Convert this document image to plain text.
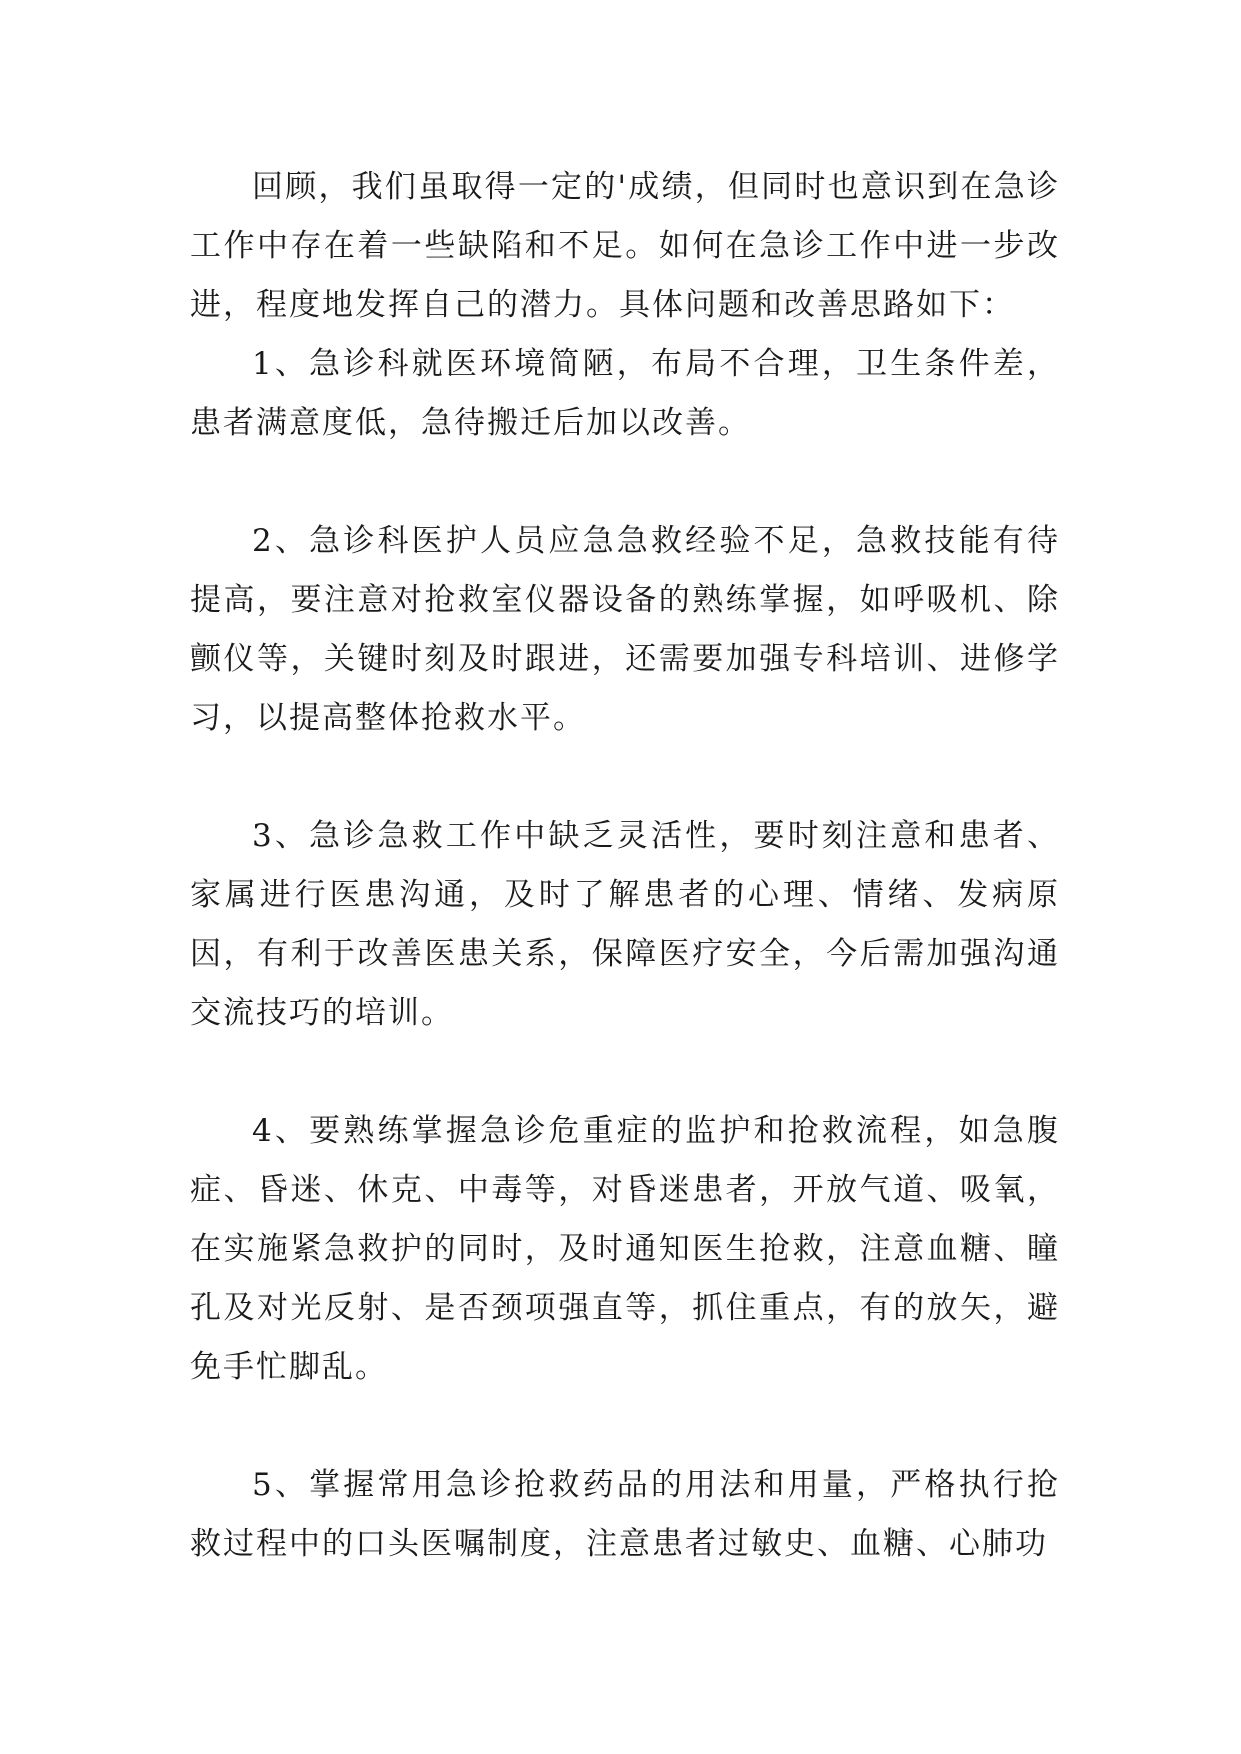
回顾，我们虽取得一定的'成绩，但同时也意识到在急诊工作中存在着一些缺陷和不足。如何在急诊工作中进一步改进，程度地发挥自己的潜力。具体问题和改善思路如下：

1、急诊科就医环境简陋，布局不合理，卫生条件差，患者满意度低，急待搬迁后加以改善。

2、急诊科医护人员应急急救经验不足，急救技能有待提高，要注意对抢救室仪器设备的熟练掌握，如呼吸机、除颤仪等，关键时刻及时跟进，还需要加强专科培训、进修学习，以提高整体抢救水平。

3、急诊急救工作中缺乏灵活性，要时刻注意和患者、家属进行医患沟通，及时了解患者的心理、情绪、发病原因，有利于改善医患关系，保障医疗安全，今后需加强沟通交流技巧的培训。

4、要熟练掌握急诊危重症的监护和抢救流程，如急腹症、昏迷、休克、中毒等，对昏迷患者，开放气道、吸氧，在实施紧急救护的同时，及时通知医生抢救，注意血糖、瞳孔及对光反射、是否颈项强直等，抓住重点，有的放矢，避免手忙脚乱。

5、掌握常用急诊抢救药品的用法和用量，严格执行抢救过程中的口头医嘱制度，注意患者过敏史、血糖、心肺功
